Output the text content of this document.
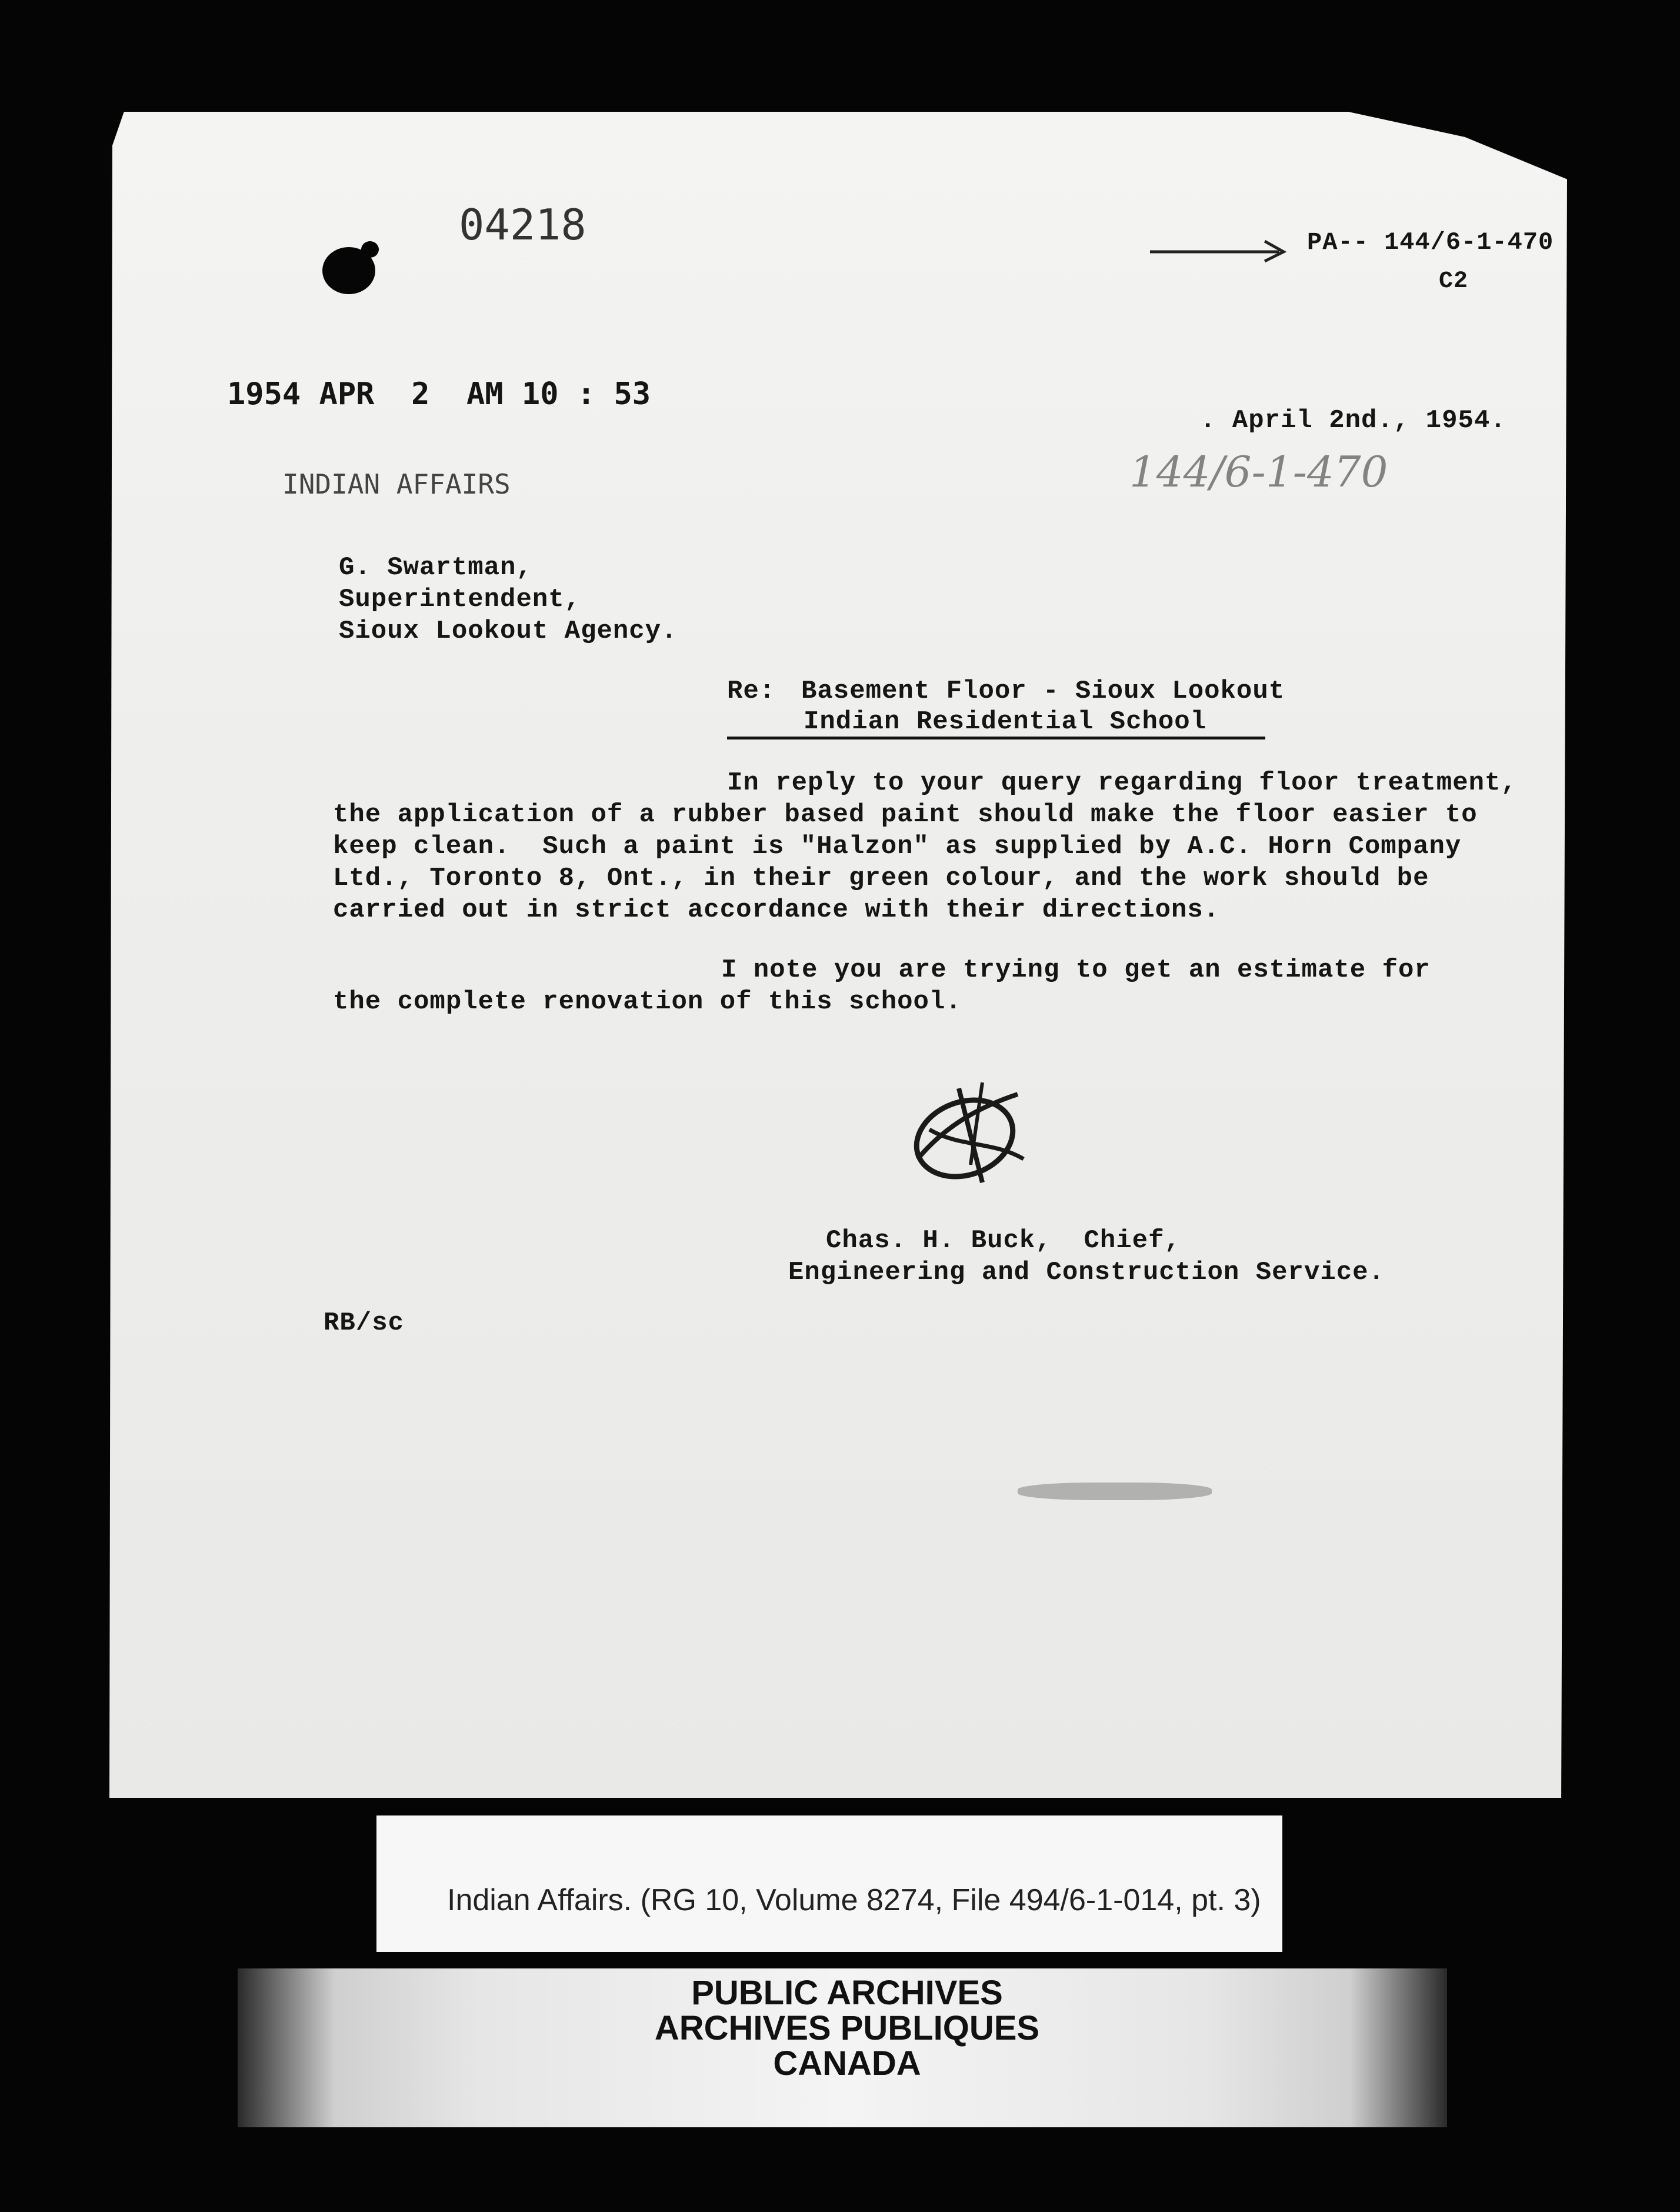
04218	PA-- 144/6-1-470
C2
1954 APR  2  AM 10 : 53
. April 2nd., 1954.
144/6-1-470
INDIAN AFFAIRS
G. Swartman,
Superintendent,
Sioux Lookout Agency.
Re: Basement Floor - Sioux Lookout
Indian Residential School
In reply to your query regarding floor treatment,
the application of a rubber based paint should make the floor easier to
keep clean.  Such a paint is "Halzon" as supplied by A.C. Horn Company
Ltd., Toronto 8, Ont., in their green colour, and the work should be
carried out in strict accordance with their directions.
I note you are trying to get an estimate for
the complete renovation of this school.
Chas. H. Buck,  Chief,
Engineering and Construction Service.
RB/sc
Indian Affairs. (RG 10, Volume 8274, File 494/6-1-014, pt. 3)
PUBLIC ARCHIVES
ARCHIVES PUBLIQUES
CANADA
